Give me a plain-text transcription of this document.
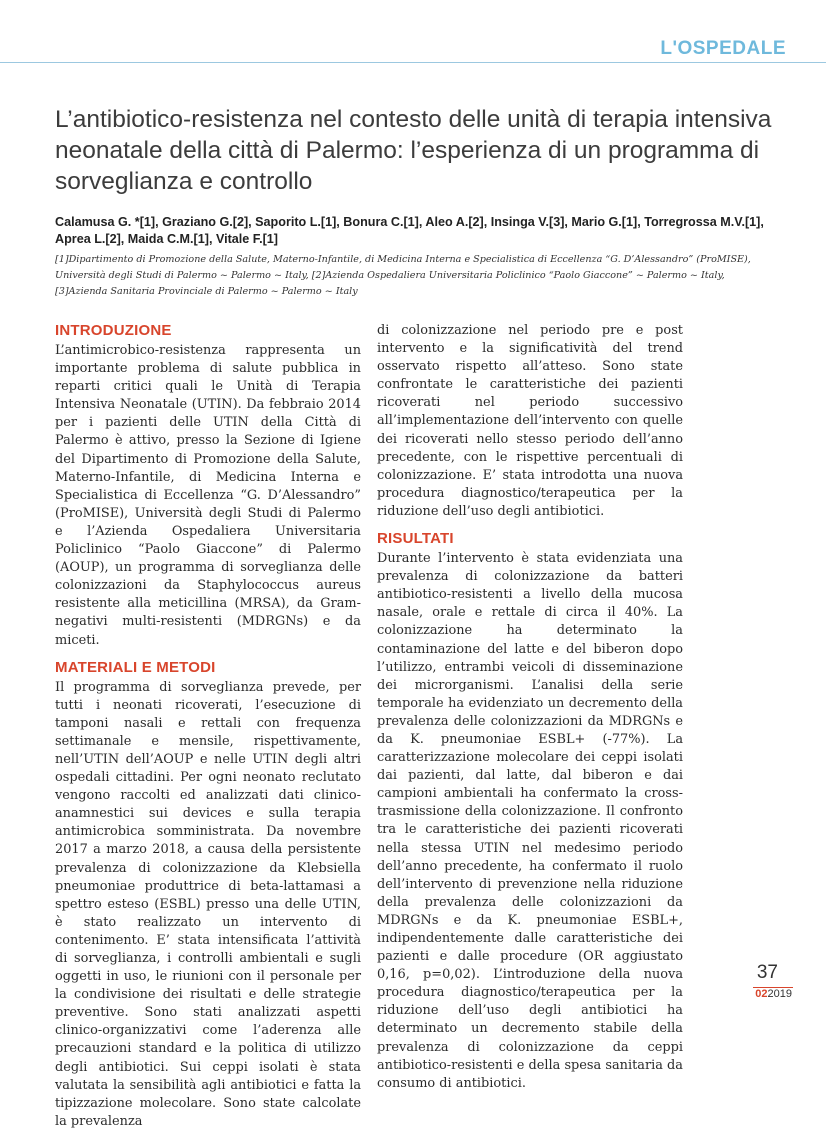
L'OSPEDALE
L’antibiotico-resistenza nel contesto delle unità di terapia intensiva neonatale della città di Palermo: l’esperienza di un programma di sorveglianza e controllo
Calamusa G. *[1], Graziano G.[2], Saporito L.[1], Bonura C.[1], Aleo A.[2], Insinga V.[3], Mario G.[1], Torregrossa M.V.[1], Aprea L.[2], Maida C.M.[1], Vitale F.[1]
[1]Dipartimento di Promozione della Salute, Materno-Infantile, di Medicina Interna e Specialistica di Eccellenza “G. D’Alessandro” (ProMISE), Università degli Studi di Palermo ~ Palermo ~ Italy, [2]Azienda Ospedaliera Universitaria Policlinico “Paolo Giaccone” ~ Palermo ~ Italy, [3]Azienda Sanitaria Provinciale di Palermo ~ Palermo ~ Italy
INTRODUZIONE

L’antimicrobico-resistenza rappresenta un importante problema di salute pubblica in reparti critici quali le Unità di Terapia Intensiva Neonatale (UTIN). Da febbraio 2014 per i pazienti delle UTIN della Città di Palermo è attivo, presso la Sezione di Igiene del Dipartimento di Promozione della Salute, Materno-Infantile, di Medicina Interna e Specialistica di Eccellenza “G. D’Alessandro” (ProMISE), Università degli Studi di Palermo e l’Azienda Ospedaliera Universitaria Policlinico “Paolo Giaccone” di Palermo (AOUP), un programma di sorveglianza delle colonizzazioni da Staphylococcus aureus resistente alla meticillina (MRSA), da Gram-negativi multi-resistenti (MDRGNs) e da miceti.

MATERIALI E METODI

Il programma di sorveglianza prevede, per tutti i neonati ricoverati, l’esecuzione di tamponi nasali e rettali con frequenza settimanale e mensile, rispettivamente, nell’UTIN dell’AOUP e nelle UTIN degli altri ospedali cittadini. Per ogni neonato reclutato vengono raccolti ed analizzati dati clinico-anamnestici sui devices e sulla terapia antimicrobica somministrata. Da novembre 2017 a marzo 2018, a causa della persistente prevalenza di colonizzazione da Klebsiella pneumoniae produttrice di beta-lattamasi a spettro esteso (ESBL) presso una delle UTIN, è stato realizzato un intervento di contenimento. E’ stata intensificata l’attività di sorveglianza, i controlli ambientali e sugli oggetti in uso, le riunioni con il personale per la condivisione dei risultati e delle strategie preventive. Sono stati analizzati aspetti clinico-organizzativi come l’aderenza alle precauzioni standard e la politica di utilizzo degli antibiotici. Sui ceppi isolati è stata valutata la sensibilità agli antibiotici e fatta la tipizzazione molecolare. Sono state calcolate la prevalenza

di colonizzazione nel periodo pre e post intervento e la significatività del trend osservato rispetto all’atteso. Sono state confrontate le caratteristiche dei pazienti ricoverati nel periodo successivo all’implementazione dell’intervento con quelle dei ricoverati nello stesso periodo dell’anno precedente, con le rispettive percentuali di colonizzazione. E’ stata introdotta una nuova procedura diagnostico/terapeutica per la riduzione dell’uso degli antibiotici.

RISULTATI

Durante l’intervento è stata evidenziata una prevalenza di colonizzazione da batteri antibiotico-resistenti a livello della mucosa nasale, orale e rettale di circa il 40%. La colonizzazione ha determinato la contaminazione del latte e del biberon dopo l’utilizzo, entrambi veicoli di disseminazione dei microrganismi. L’analisi della serie temporale ha evidenziato un decremento della prevalenza delle colonizzazioni da MDRGNs e da K. pneumoniae ESBL+ (-77%). La caratterizzazione molecolare dei ceppi isolati dai pazienti, dal latte, dal biberon e dai campioni ambientali ha confermato la cross-trasmissione della colonizzazione. Il confronto tra le caratteristiche dei pazienti ricoverati nella stessa UTIN nel medesimo periodo dell’anno precedente, ha confermato il ruolo dell’intervento di prevenzione nella riduzione della prevalenza delle colonizzazioni da MDRGNs e da K. pneumoniae ESBL+, indipendentemente dalle caratteristiche dei pazienti e dalle procedure (OR aggiustato 0,16, p=0,02). L’introduzione della nuova procedura diagnostico/terapeutica per la riduzione dell’uso degli antibiotici ha determinato un decremento stabile della prevalenza di colonizzazione da ceppi antibiotico-resistenti e della spesa sanitaria da consumo di antibiotici.

37
022019
